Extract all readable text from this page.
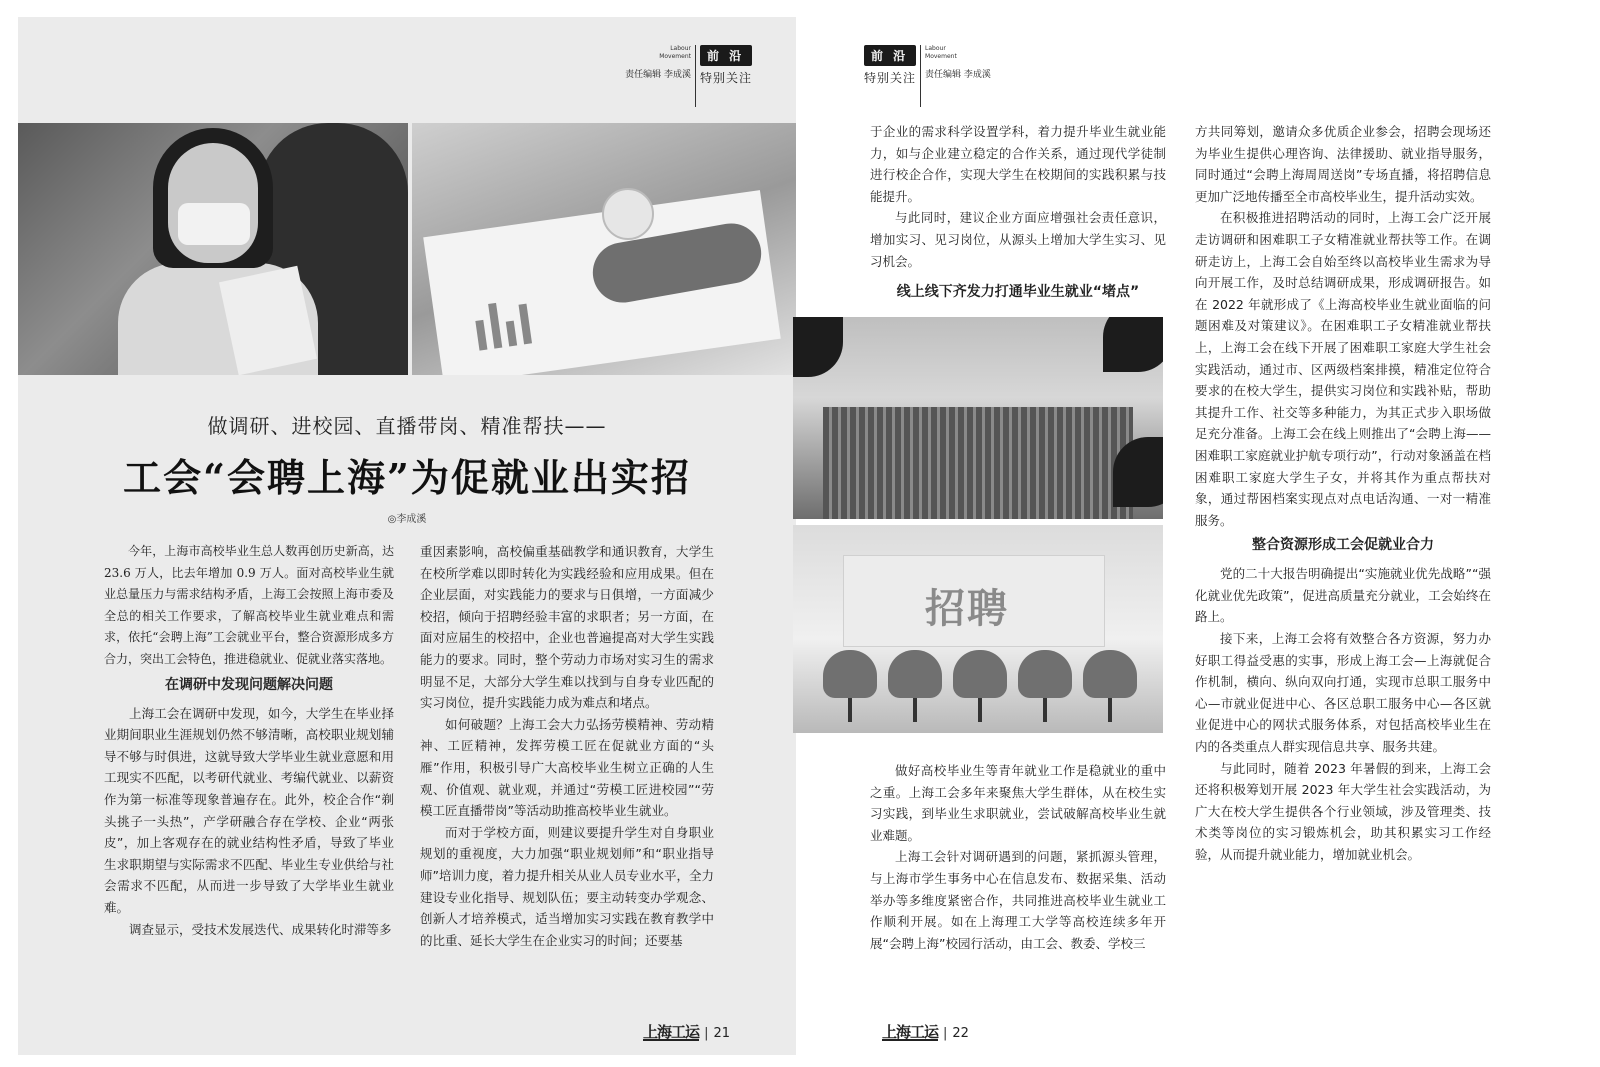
Labour
Movement
责任编辑 李成溪
前 沿
特别关注
做调研、进校园、直播带岗、精准帮扶——
工会“会聘上海”为促就业出实招
◎李成溪

今年，上海市高校毕业生总人数再创历史新高，达 23.6 万人，比去年增加 0.9 万人。面对高校毕业生就业总量压力与需求结构矛盾，上海工会按照上海市委及全总的相关工作要求，了解高校毕业生就业难点和需求，依托“会聘上海”工会就业平台，整合资源形成多方合力，突出工会特色，推进稳就业、促就业落实落地。

在调研中发现问题解决问题

上海工会在调研中发现，如今，大学生在毕业择业期间职业生涯规划仍然不够清晰，高校职业规划辅导不够与时俱进，这就导致大学毕业生就业意愿和用工现实不匹配，以考研代就业、考编代就业、以薪资作为第一标准等现象普遍存在。此外，校企合作“剃头挑子一头热”，产学研融合存在学校、企业“两张皮”，加上客观存在的就业结构性矛盾，导致了毕业生求职期望与实际需求不匹配、毕业生专业供给与社会需求不匹配，从而进一步导致了大学毕业生就业难。

调查显示，受技术发展迭代、成果转化时滞等多

重因素影响，高校偏重基础教学和通识教育，大学生在校所学难以即时转化为实践经验和应用成果。但在企业层面，对实践能力的要求与日俱增，一方面减少校招，倾向于招聘经验丰富的求职者；另一方面，在面对应届生的校招中，企业也普遍提高对大学生实践能力的要求。同时，整个劳动力市场对实习生的需求明显不足，大部分大学生难以找到与自身专业匹配的实习岗位，提升实践能力成为难点和堵点。

如何破题？上海工会大力弘扬劳模精神、劳动精神、工匠精神，发挥劳模工匠在促就业方面的“头雁”作用，积极引导广大高校毕业生树立正确的人生观、价值观、就业观，并通过“劳模工匠进校园”“劳模工匠直播带岗”等活动助推高校毕业生就业。

而对于学校方面，则建议要提升学生对自身职业规划的重视度，大力加强“职业规划师”和“职业指导师”培训力度，着力提升相关从业人员专业水平，全力建设专业化指导、规划队伍；要主动转变办学观念、创新人才培养模式，适当增加实习实践在教育教学中的比重、延长大学生在企业实习的时间；还要基

上海工运 | 21
前 沿
特别关注
Labour
Movement
责任编辑 李成溪

于企业的需求科学设置学科，着力提升毕业生就业能力，如与企业建立稳定的合作关系，通过现代学徒制进行校企合作，实现大学生在校期间的实践积累与技能提升。

与此同时，建议企业方面应增强社会责任意识，增加实习、见习岗位，从源头上增加大学生实习、见习机会。

线上线下齐发力打通毕业生就业“堵点”
招聘

做好高校毕业生等青年就业工作是稳就业的重中之重。上海工会多年来聚焦大学生群体，从在校生实习实践，到毕业生求职就业，尝试破解高校毕业生就业难题。

上海工会针对调研遇到的问题，紧抓源头管理，与上海市学生事务中心在信息发布、数据采集、活动举办等多维度紧密合作，共同推进高校毕业生就业工作顺利开展。如在上海理工大学等高校连续多年开展“会聘上海”校园行活动，由工会、教委、学校三

方共同筹划，邀请众多优质企业参会，招聘会现场还为毕业生提供心理咨询、法律援助、就业指导服务，同时通过“会聘上海周周送岗”专场直播，将招聘信息更加广泛地传播至全市高校毕业生，提升活动实效。

在积极推进招聘活动的同时，上海工会广泛开展走访调研和困难职工子女精准就业帮扶等工作。在调研走访上，上海工会自始至终以高校毕业生需求为导向开展工作，及时总结调研成果，形成调研报告。如在 2022 年就形成了《上海高校毕业生就业面临的问题困难及对策建议》。在困难职工子女精准就业帮扶上，上海工会在线下开展了困难职工家庭大学生社会实践活动，通过市、区两级档案排摸，精准定位符合要求的在校大学生，提供实习岗位和实践补贴，帮助其提升工作、社交等多种能力，为其正式步入职场做足充分准备。上海工会在线上则推出了“会聘上海——困难职工家庭就业护航专项行动”，行动对象涵盖在档困难职工家庭大学生子女，并将其作为重点帮扶对象，通过帮困档案实现点对点电话沟通、一对一精准服务。

整合资源形成工会促就业合力

党的二十大报告明确提出“实施就业优先战略”“强化就业优先政策”，促进高质量充分就业，工会始终在路上。

接下来，上海工会将有效整合各方资源，努力办好职工得益受惠的实事，形成上海工会—上海就促合作机制，横向、纵向双向打通，实现市总职工服务中心—市就业促进中心、各区总职工服务中心—各区就业促进中心的网状式服务体系，对包括高校毕业生在内的各类重点人群实现信息共享、服务共建。

与此同时，随着 2023 年暑假的到来，上海工会还将积极筹划开展 2023 年大学生社会实践活动，为广大在校大学生提供各个行业领域，涉及管理类、技术类等岗位的实习锻炼机会，助其积累实习工作经验，从而提升就业能力，增加就业机会。

上海工运 | 22
